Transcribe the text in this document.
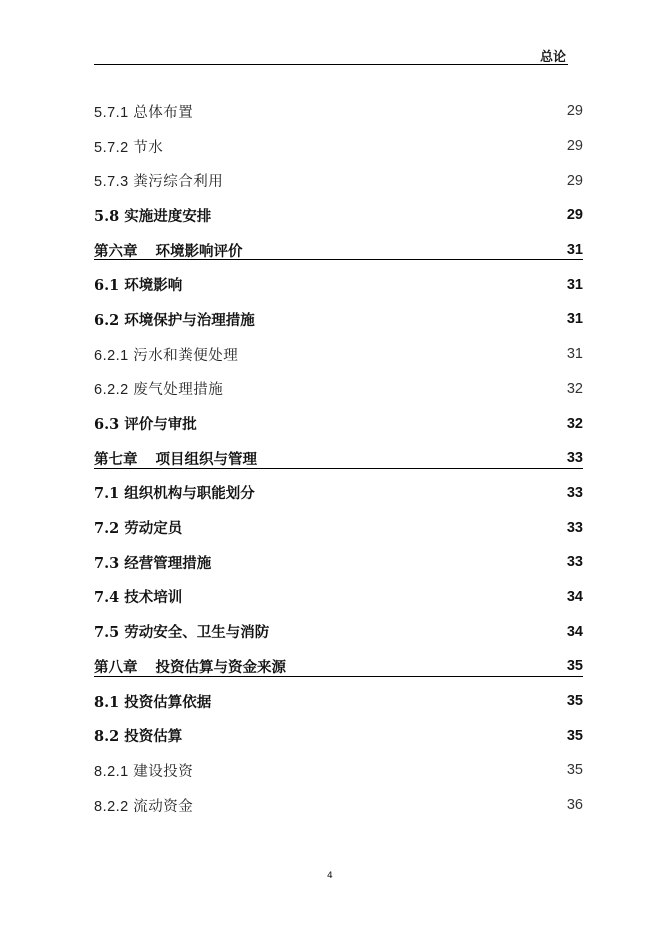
总论
5.7.1 总体布置	29
5.7.2 节水	29
5.7.3 粪污综合利用	29
5.8 实施进度安排	29
第六章 环境影响评价	31
6.1 环境影响	31
6.2 环境保护与治理措施	31
6.2.1 污水和粪便处理	31
6.2.2 废气处理措施	32
6.3 评价与审批	32
第七章 项目组织与管理	33
7.1 组织机构与职能划分	33
7.2 劳动定员	33
7.3 经营管理措施	33
7.4 技术培训	34
7.5 劳动安全、卫生与消防	34
第八章 投资估算与资金来源	35
8.1 投资估算依据	35
8.2 投资估算	35
8.2.1 建设投资	35
8.2.2 流动资金	36
4
